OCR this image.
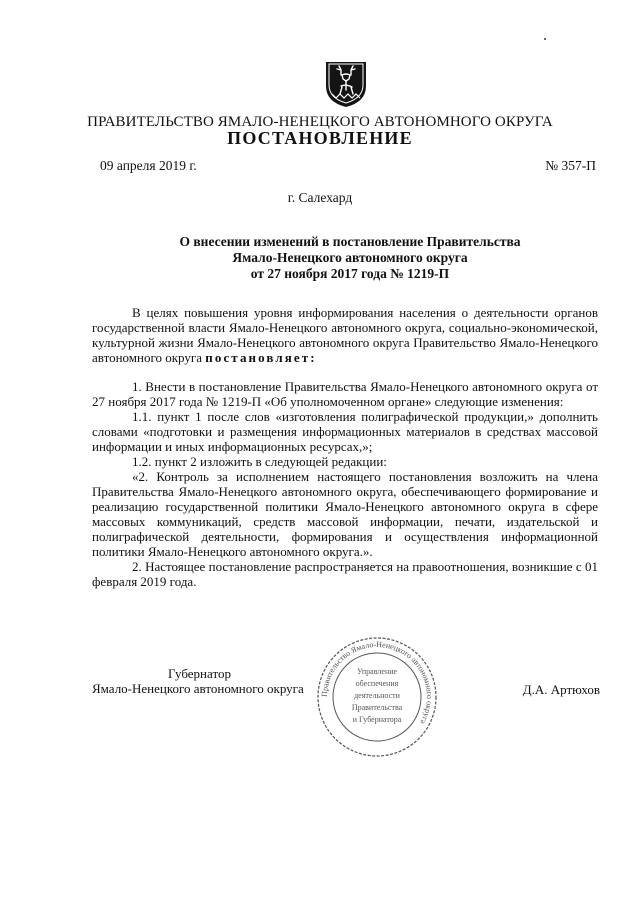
ПРАВИТЕЛЬСТВО ЯМАЛО-НЕНЕЦКОГО АВТОНОМНОГО ОКРУГА
ПОСТАНОВЛЕНИЕ
09 апреля 2019 г.	№ 357-П
г. Салехард
О внесении изменений в постановление Правительства
Ямало-Ненецкого автономного округа
от 27 ноября 2017 года № 1219-П

В целях повышения уровня информирования населения о деятельности органов государственной власти Ямало-Ненецкого автономного округа, социально-экономической, культурной жизни Ямало-Ненецкого автономного округа Правительство Ямало-Ненецкого автономного округа постановляет:

1. Внести в постановление Правительства Ямало-Ненецкого автономного округа от 27 ноября 2017 года № 1219-П «Об уполномоченном органе» следующие изменения:

1.1. пункт 1 после слов «изготовления полиграфической продукции,» дополнить словами «подготовки и размещения информационных материалов в средствах массовой информации и иных информационных ресурсах,»;

1.2. пункт 2 изложить в следующей редакции:

«2. Контроль за исполнением настоящего постановления возложить на члена Правительства Ямало-Ненецкого автономного округа, обеспечивающего формирование и реализацию государственной политики Ямало-Ненецкого автономного округа в сфере массовых коммуникаций, средств массовой информации, печати, издательской и полиграфической деятельности, формирования и осуществления информационной политики Ямало-Ненецкого автономного округа.».

2. Настоящее постановление распространяется на правоотношения, возникшие с 01 февраля 2019 года.

Губернатор
Ямало-Ненецкого автономного округа	Д.А. Артюхов
Правительство Ямало-Ненецкого автономного округа
Управление
обеспечения
деятельности
Правительства
и Губернатора
